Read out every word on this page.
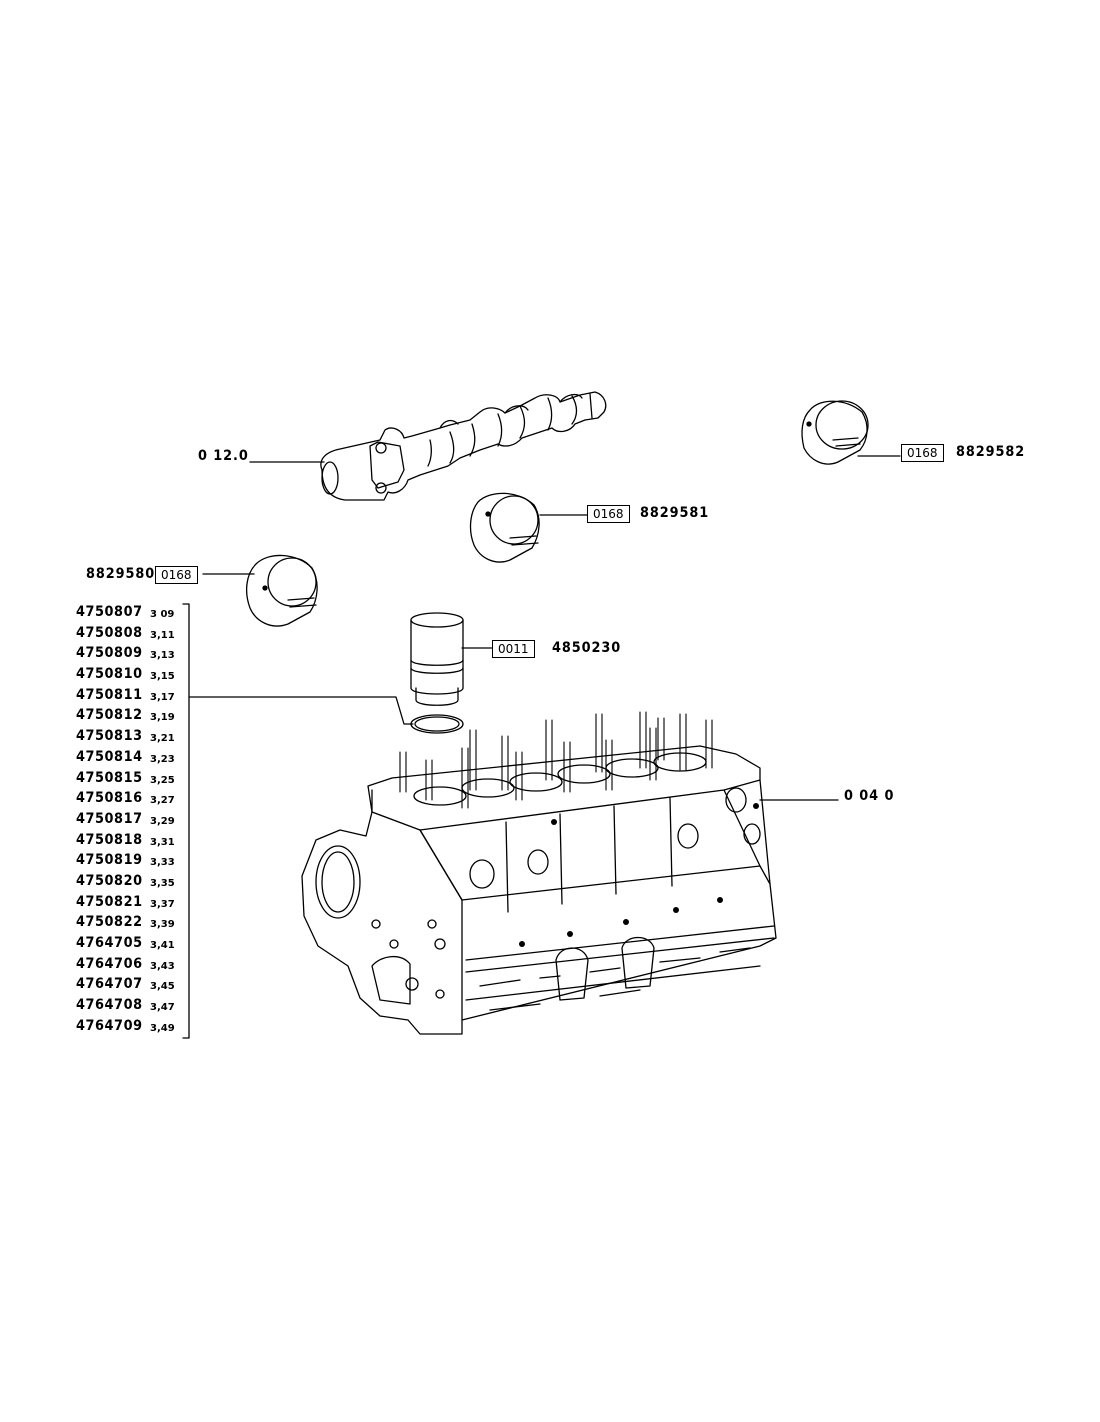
0 12.0	0168	8829582
0168	8829581
8829580 0168
0011	4850230
0 04 0
4750807 3 09
4750808 3,11
4750809 3,13
4750810 3,15
4750811 3,17
4750812 3,19
4750813 3,21
4750814 3,23
4750815 3,25
4750816 3,27
4750817 3,29
4750818 3,31
4750819 3,33
4750820 3,35
4750821 3,37
4750822 3,39
4764705 3,41
4764706 3,43
4764707 3,45
4764708 3,47
4764709 3,49
